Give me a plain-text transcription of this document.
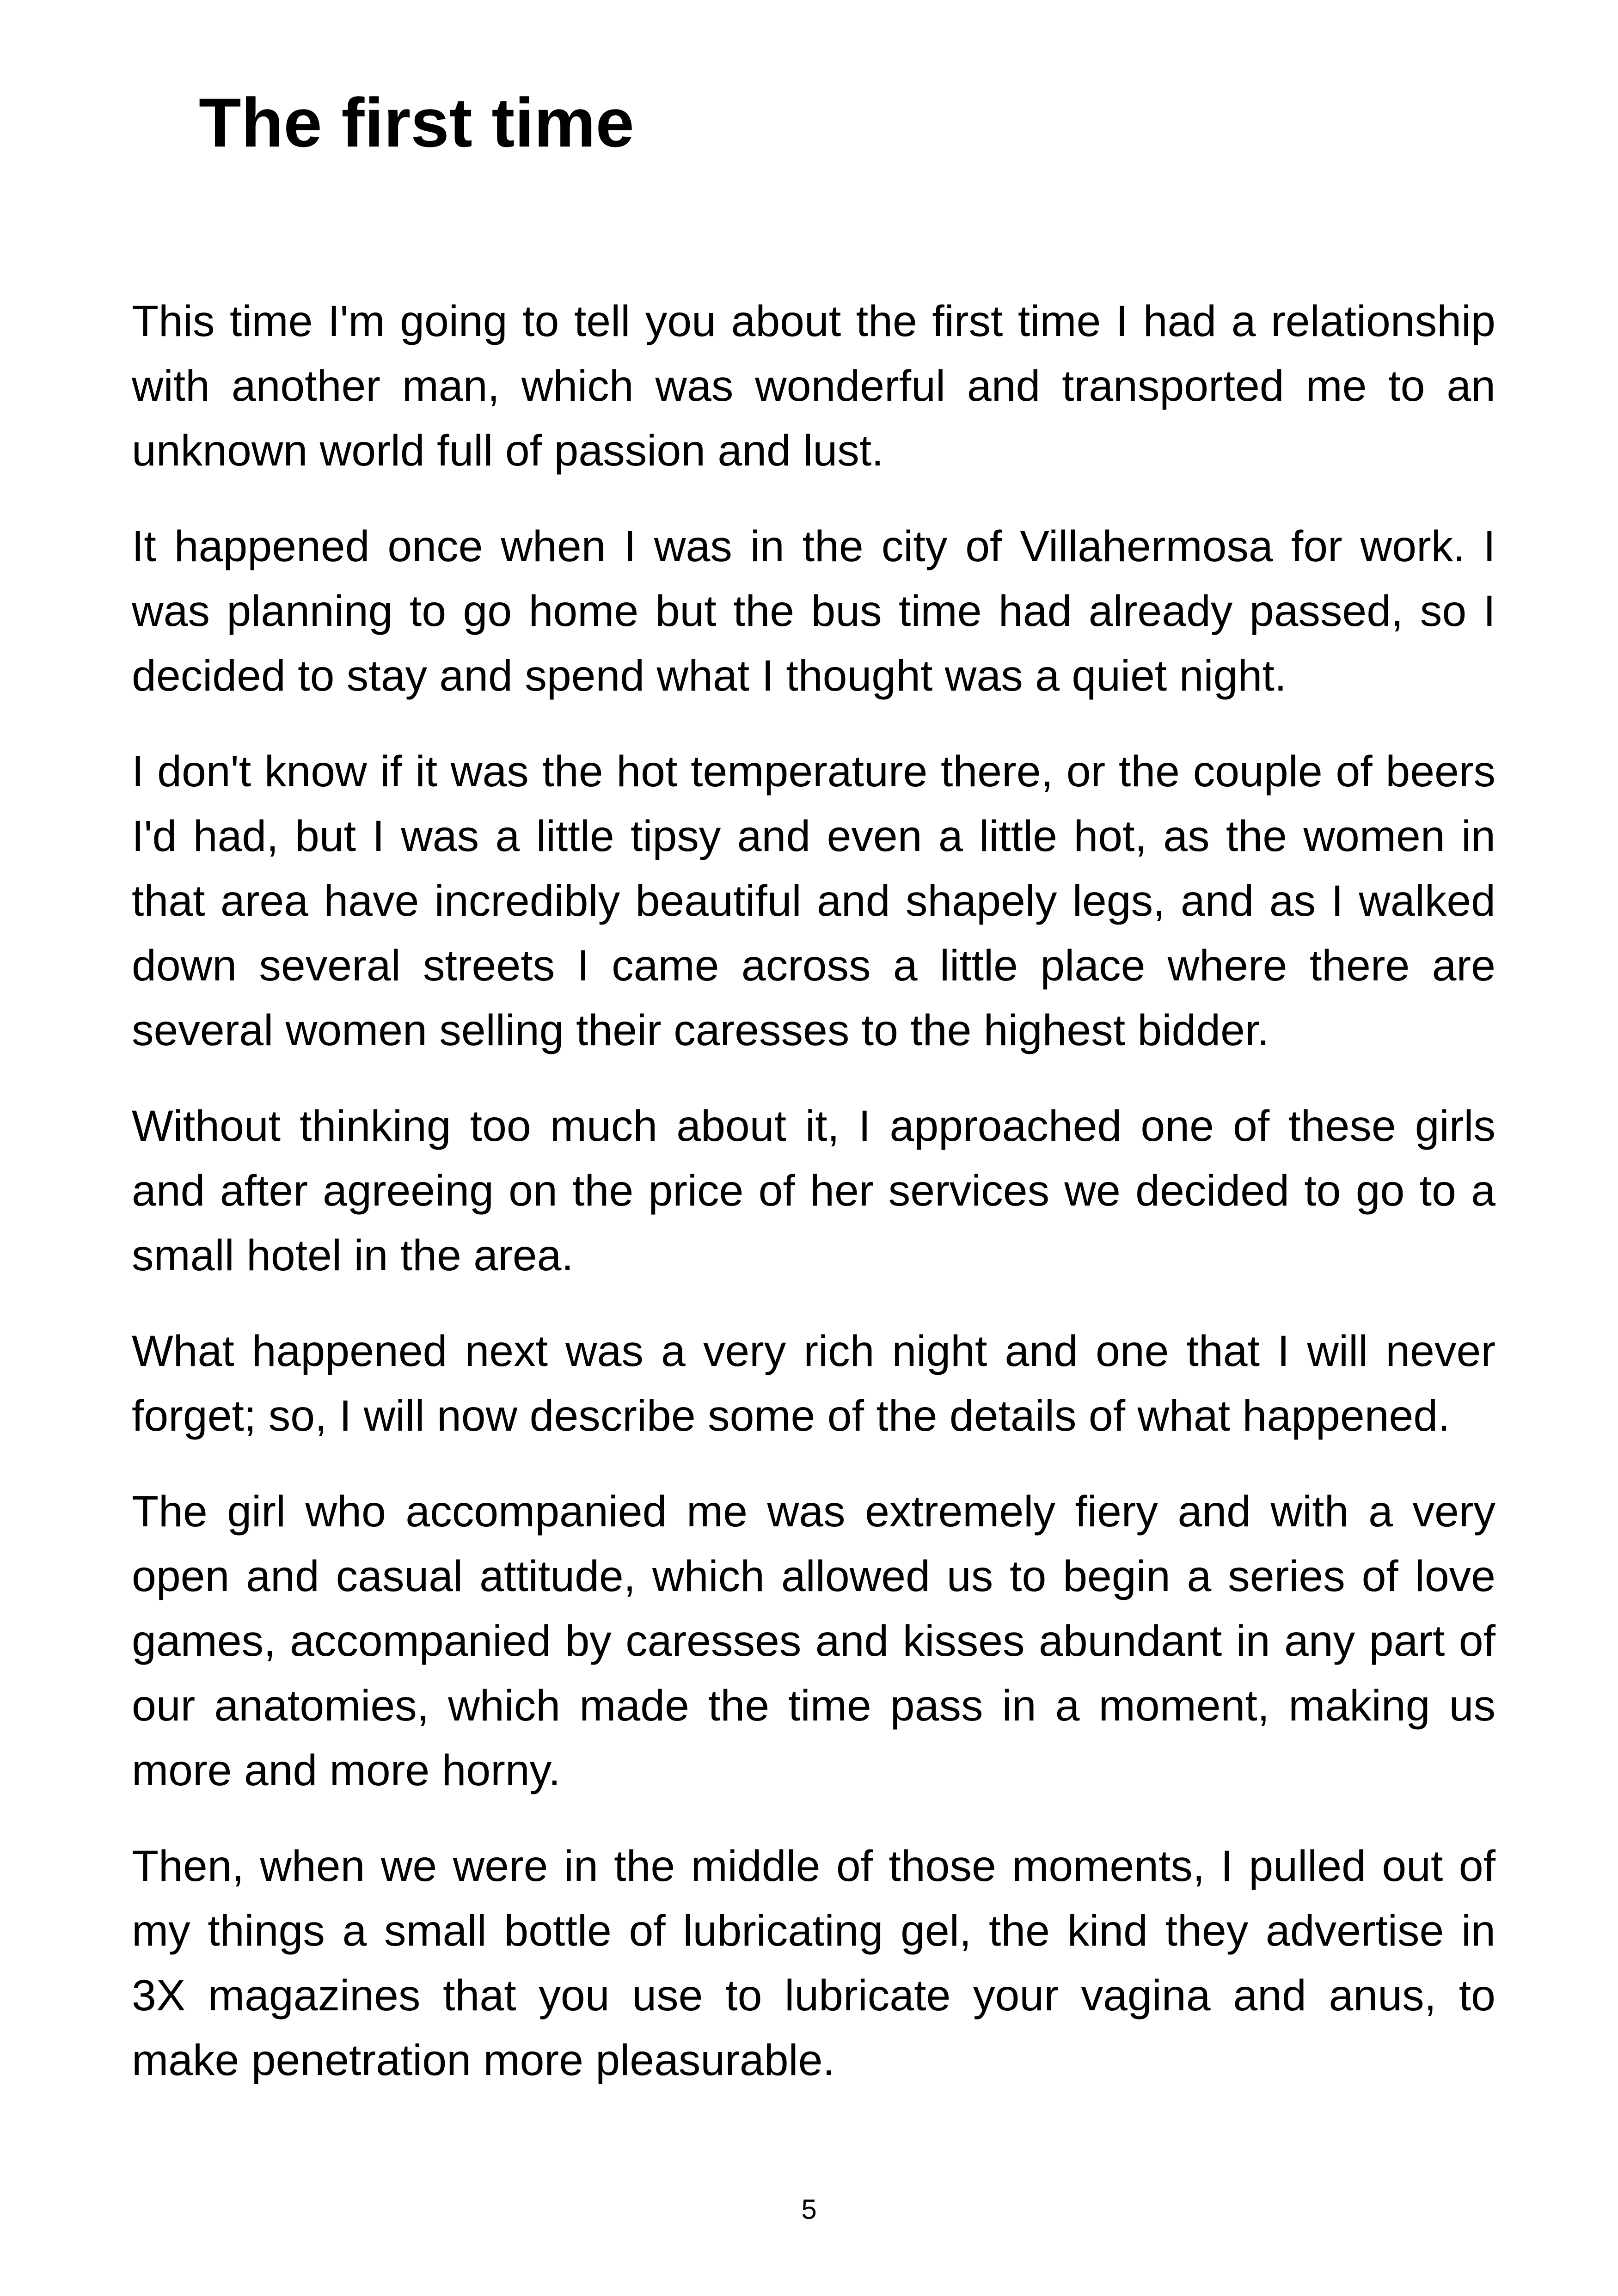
The first time

This time I'm going to tell you about the first time I had a relationship with another man, which was wonderful and transported me to an unknown world full of passion and lust.

It happened once when I was in the city of Villahermosa for work. I was planning to go home but the bus time had already passed, so I decided to stay and spend what I thought was a quiet night.

I don't know if it was the hot temperature there, or the couple of beers I'd had, but I was a little tipsy and even a little hot, as the women in that area have incredibly beautiful and shapely legs, and as I walked down several streets I came across a little place where there are several women selling their caresses to the highest bidder.

Without thinking too much about it, I approached one of these girls and after agreeing on the price of her services we decided to go to a small hotel in the area.

What happened next was a very rich night and one that I will never forget; so, I will now describe some of the details of what happened.

The girl who accompanied me was extremely fiery and with a very open and casual attitude, which allowed us to begin a series of love games, accompanied by caresses and kisses abundant in any part of our anatomies, which made the time pass in a moment, making us more and more horny.

Then, when we were in the middle of those moments, I pulled out of my things a small bottle of lubricating gel, the kind they advertise in 3X magazines that you use to lubricate your vagina and anus, to make penetration more pleasurable.

5
